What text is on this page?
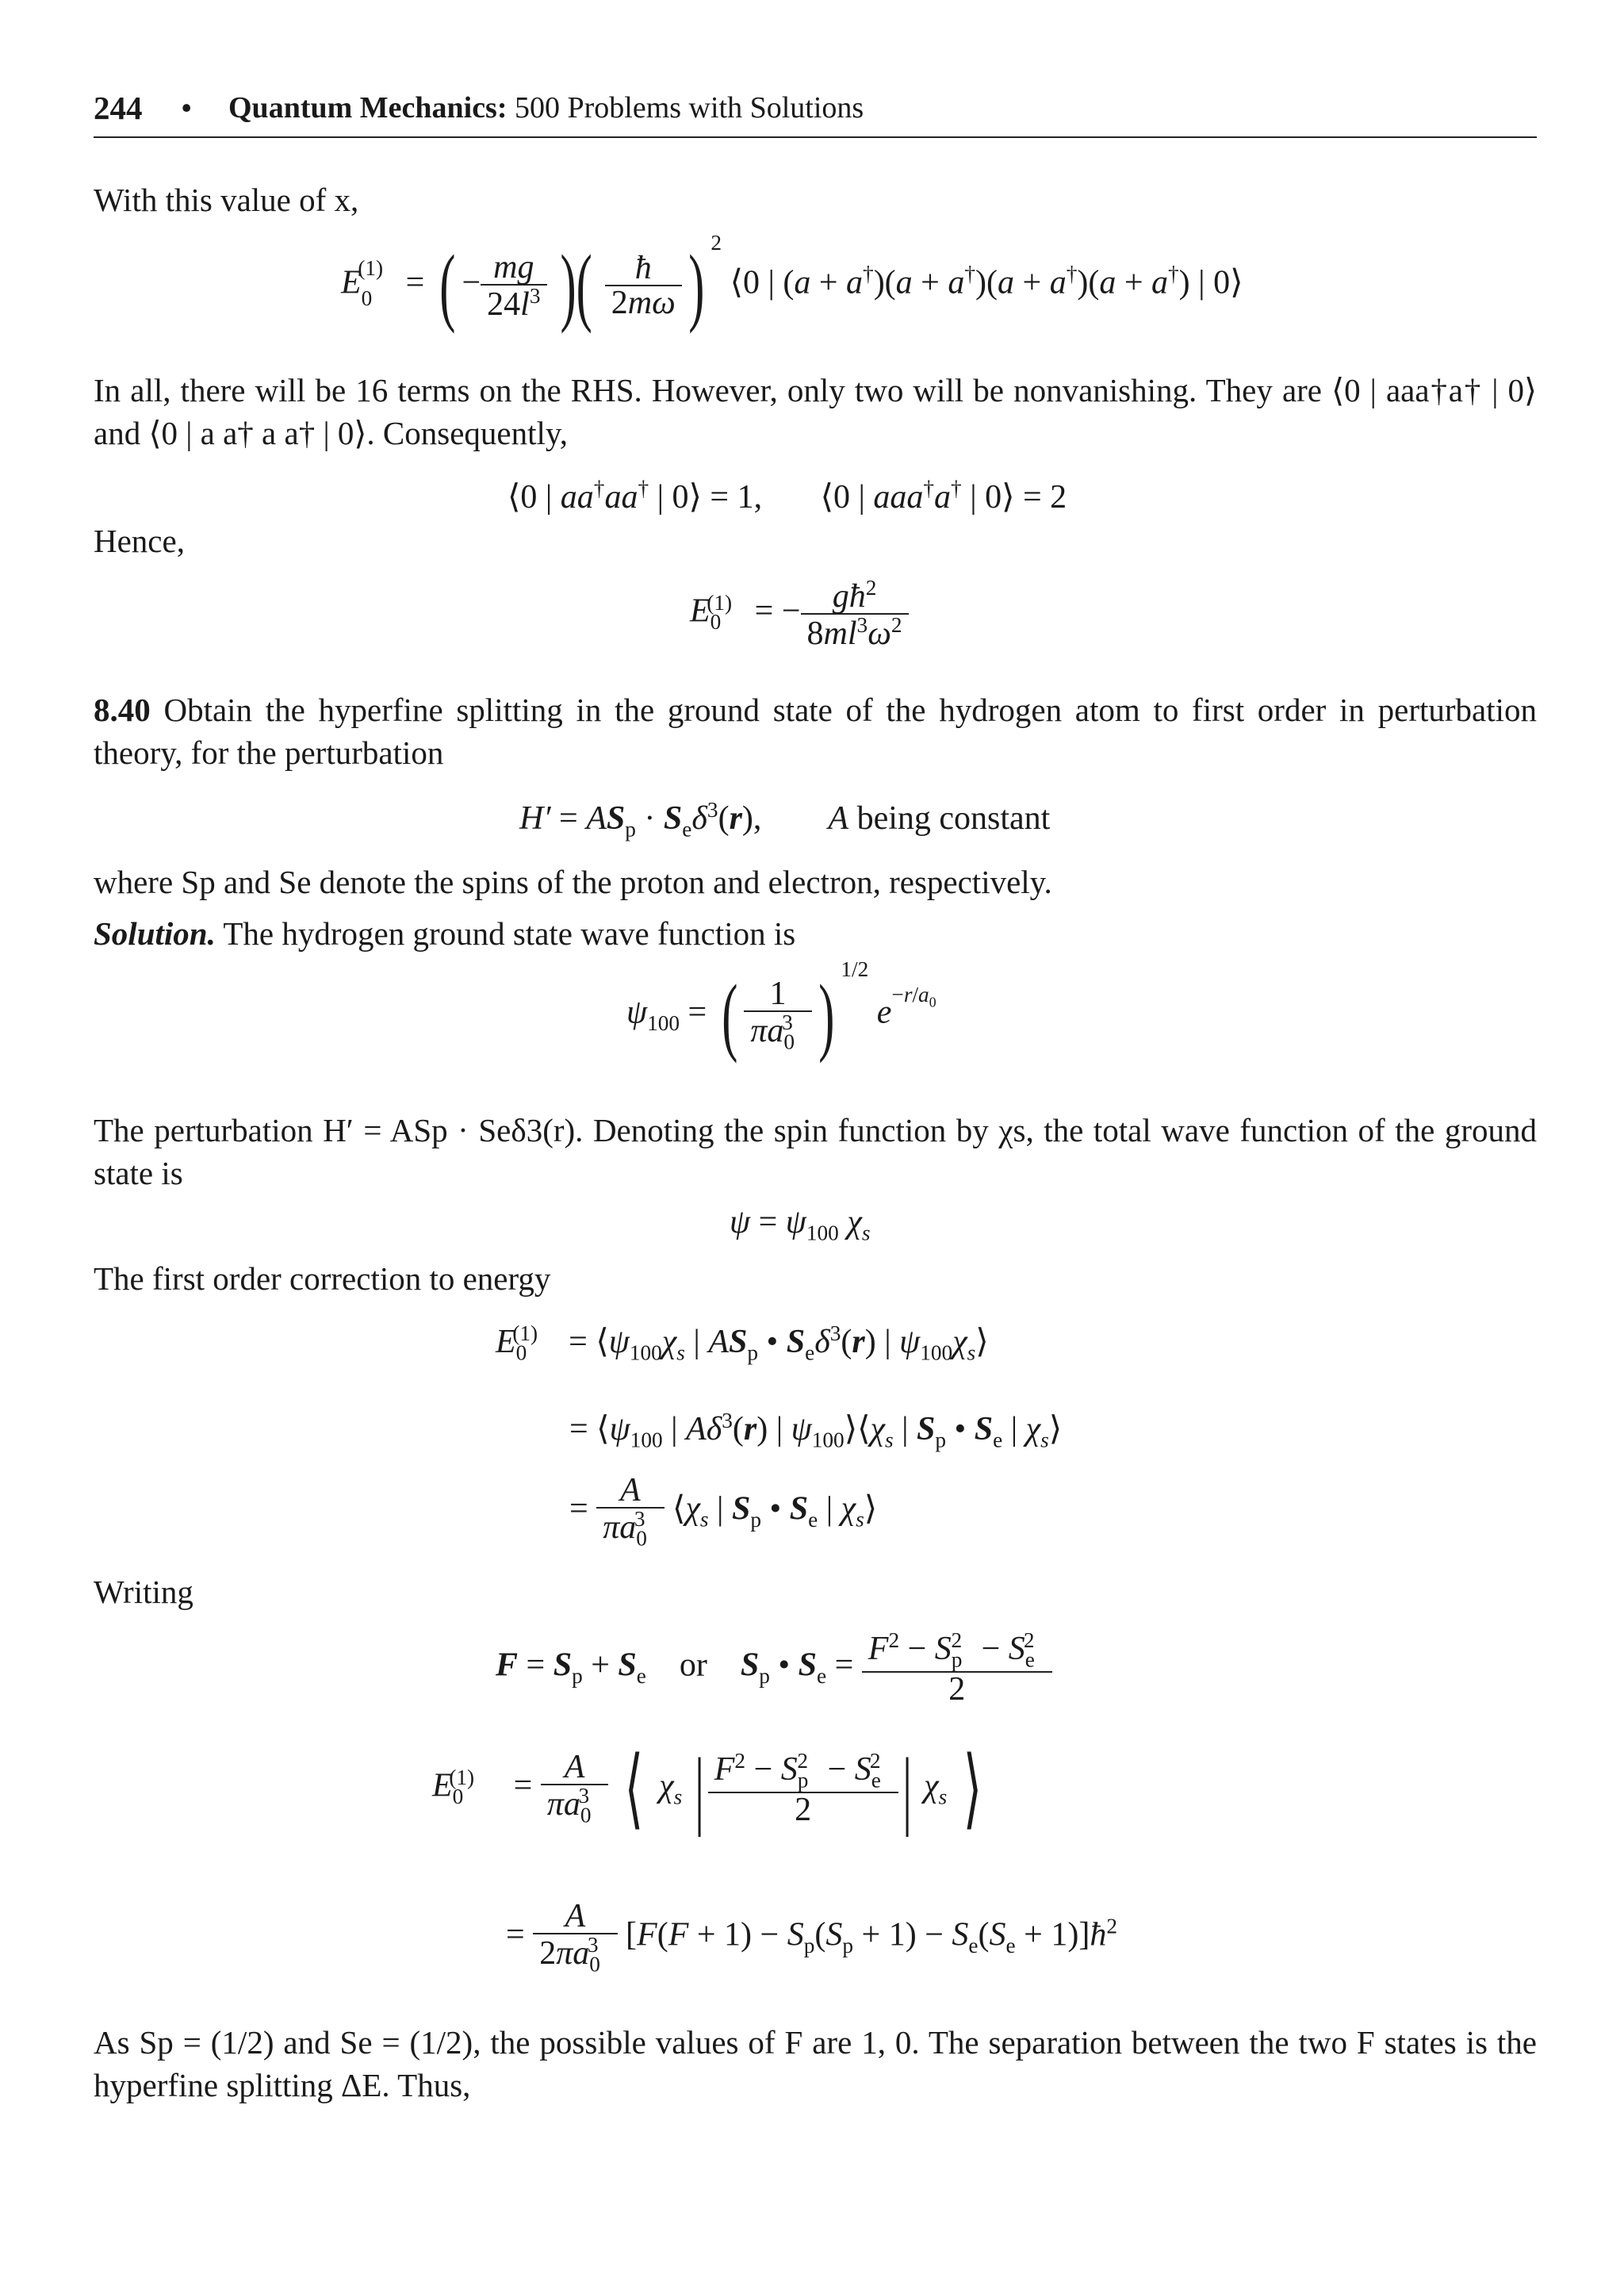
244 • Quantum Mechanics: 500 Problems with Solutions
With this value of x,
$E_0^{(1)}$ = ( − $\frac{mg}{24l^3}$ )( $\frac{ħ}{2m\omega}$ ) $^2$ ⟨0 | (a + a†)(a + a†)(a + a†)(a + a†) | 0⟩
In all, there will be 16 terms on the RHS. However, only two will be nonvanishing. They are ⟨0 | aaa†a† | 0⟩ and ⟨0 | a a† a a† | 0⟩. Consequently,
⟨0 | aa†aa† | 0⟩ = 1,       ⟨0 | aaa†a† | 0⟩ = 2
Hence,
$E_0^{(1)}$ = − $\frac{għ^2}{8ml^3\omega^2}$
8.40 Obtain the hyperfine splitting in the ground state of the hydrogen atom to first order in perturbation theory, for the perturbation
$H' = AS_p \cdot S_e\delta^3(r)$,        A being constant
where Sp and Se denote the spins of the proton and electron, respectively.
Solution. The hydrogen ground state wave function is
$\psi_{100}$ = ( $\frac{1}{\pi a_0^3}$ ) $^{1/2}$ $e^{-r/a_0}$
The perturbation H′ = ASp · Seδ3(r). Denoting the spin function by χs, the total wave function of the ground state is
$\psi = \psi_{100}$ $\chi_s$
The first order correction to energy
$E_0^{(1)}$  = $⟨\psi_{100}\chi_s$ | $AS_p$ • $S_e\delta^3(r)$ | $\psi_{100}\chi_s⟩$
= $⟨\psi_{100}$ | $A\delta^3(r)$ | $\psi_{100}⟩⟨\chi_s$ | $S_p$ • $S_e$ | $\chi_s⟩$
= $\frac{A}{\pi a_0^3}$ $⟨\chi_s$ | $S_p$ • $S_e$ | $\chi_s⟩$
Writing
$F = S_p + S_e$    or    $S_p$ • $S_e = \frac{F^2 - S_p^2 - S_e^2}{2}$
$E_0^{(1)} = \frac{A}{\pi a_0^3}$ ⟨ $\chi_s$ | $\frac{F^2 - S_p^2 - S_e^2}{2}$ | $\chi_s$ ⟩
= $\frac{A}{2\pi a_0^3} [F(F + 1) - S_p(S_p + 1) - S_e(S_e$ + $1)]ħ^2$
As Sp = (1/2) and Se = (1/2), the possible values of F are 1, 0. The separation between the two F states is the hyperfine splitting ΔE. Thus,
